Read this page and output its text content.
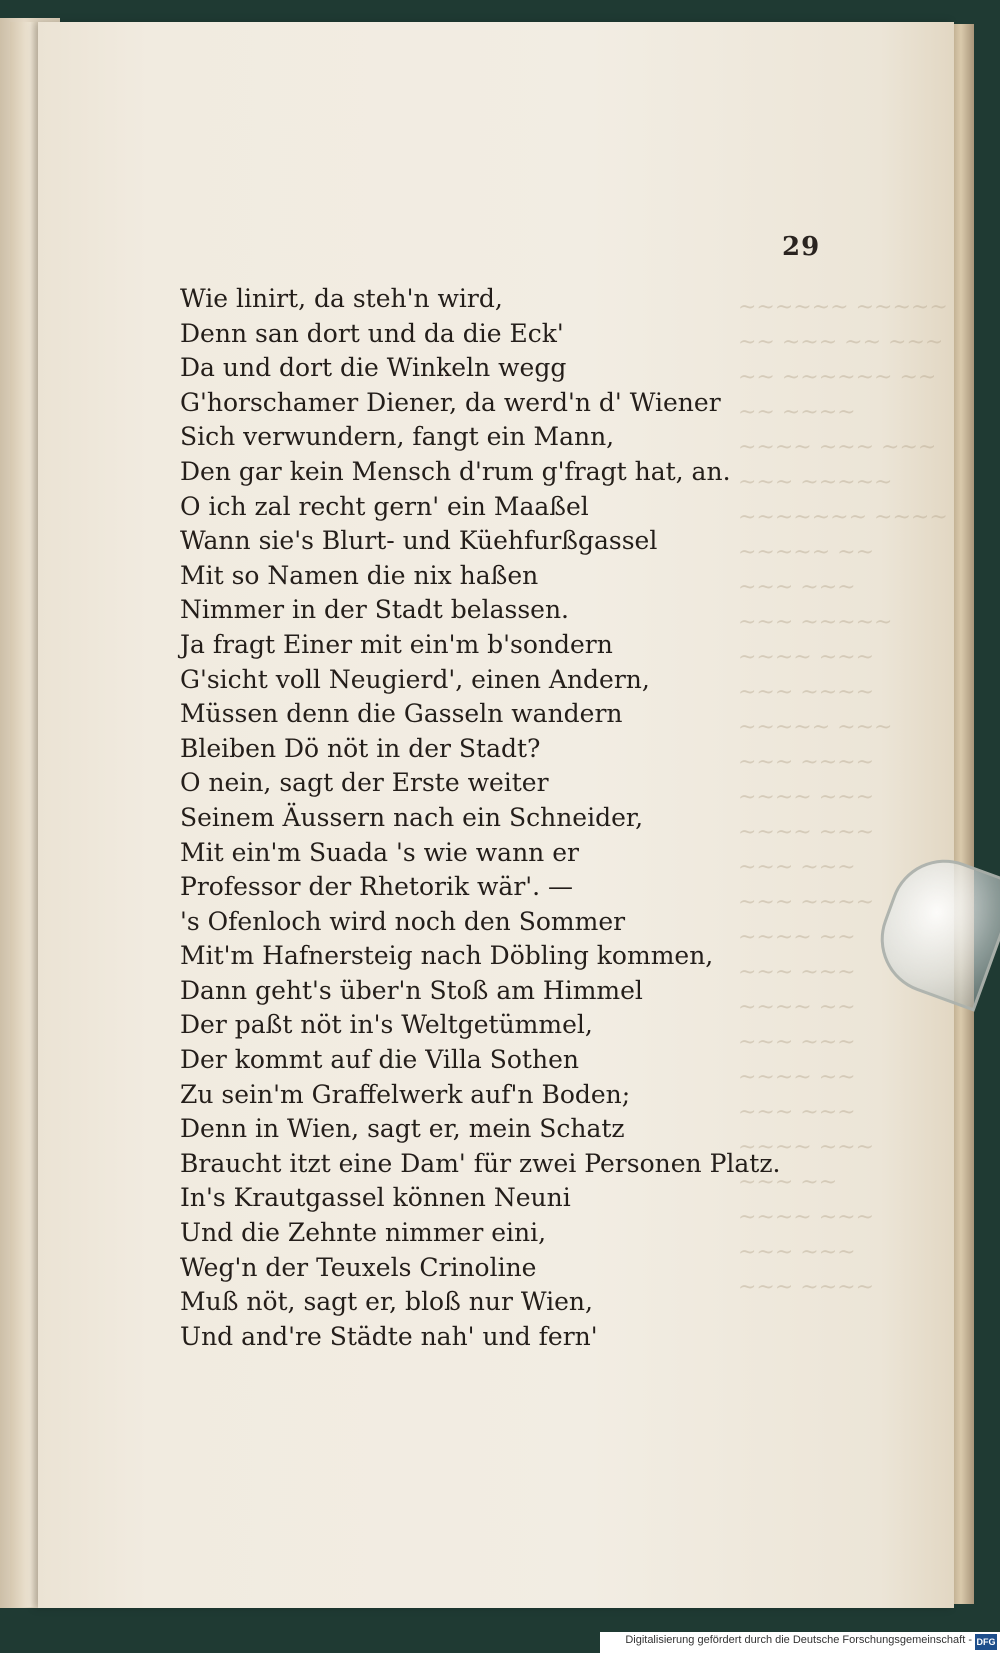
~~~~~~ ~~~~~
~~ ~~~ ~~ ~~~
~~ ~~~~~~ ~~
~~ ~~~~
~~~~ ~~~ ~~~
~~~ ~~~~~
~~~~~~~ ~~~~
~~~~~ ~~
~~~ ~~~
~~~ ~~~~~
~~~~ ~~~
~~~ ~~~~
~~~~~ ~~~
~~~ ~~~~
~~~~ ~~~
~~~~ ~~~
~~~ ~~~
~~~ ~~~~
~~~~ ~~
~~~ ~~~
~~~~ ~~
~~~ ~~~
~~~~ ~~
~~~ ~~~
~~~~ ~~~
~~~ ~~
~~~~ ~~~
~~~ ~~~
~~~ ~~~~
29
Wie linirt, da steh'n wird,
Denn san dort und da die Eck'
Da und dort die Winkeln wegg
G'horschamer Diener, da werd'n d' Wiener
Sich verwundern, fangt ein Mann,
Den gar kein Mensch d'rum g'fragt hat, an.
O ich zal recht gern' ein Maaßel
Wann sie's Blurt- und Küehfurßgassel
Mit so Namen die nix haßen
Nimmer in der Stadt belassen.
Ja fragt Einer mit ein'm b'sondern
G'sicht voll Neugierd', einen Andern,
Müssen denn die Gasseln wandern
Bleiben Dö nöt in der Stadt?
O nein, sagt der Erste weiter
Seinem Äussern nach ein Schneider,
Mit ein'm Suada 's wie wann er
Professor der Rhetorik wär'. —
's Ofenloch wird noch den Sommer
Mit'm Hafnersteig nach Döbling kommen,
Dann geht's über'n Stoß am Himmel
Der paßt nöt in's Weltgetümmel,
Der kommt auf die Villa Sothen
Zu sein'm Graffelwerk auf'n Boden;
Denn in Wien, sagt er, mein Schatz
Braucht itzt eine Dam' für zwei Personen Platz.
In's Krautgassel können Neuni
Und die Zehnte nimmer eini,
Weg'n der Teuxels Crinoline
Muß nöt, sagt er, bloß nur Wien,
Und and're Städte nah' und fern'
Digitalisierung gefördert durch die Deutsche Forschungsgemeinschaft - DFG
